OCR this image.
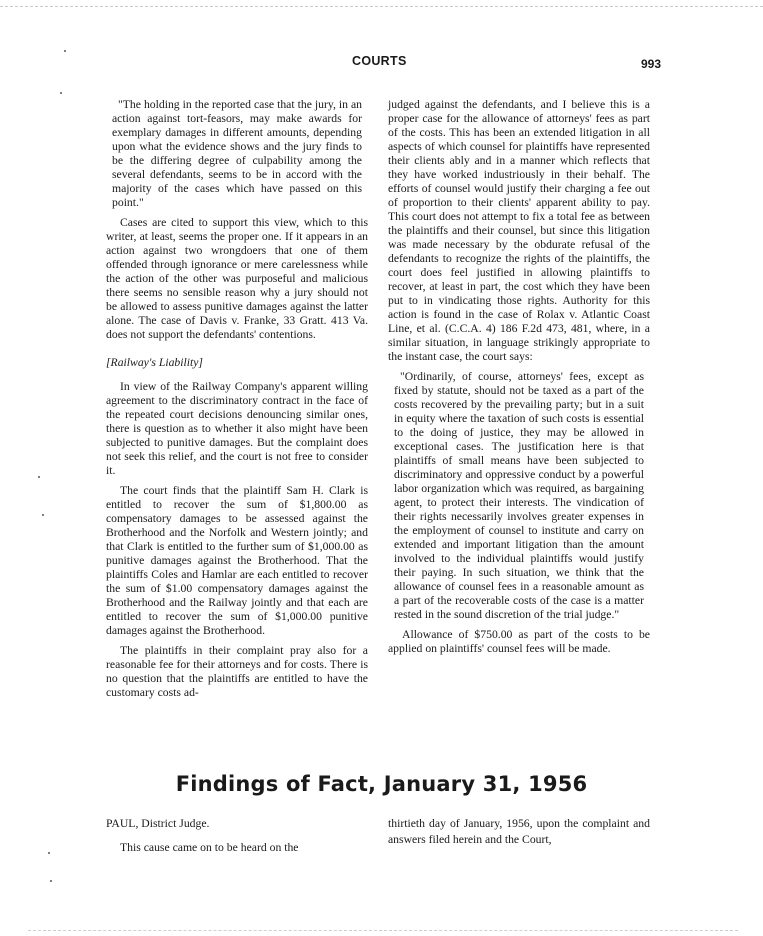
COURTS	993

"The holding in the reported case that the jury, in an action against tort-feasors, may make awards for exemplary damages in different amounts, depending upon what the evidence shows and the jury finds to be the differing degree of culpability among the several defendants, seems to be in accord with the majority of the cases which have passed on this point."

Cases are cited to support this view, which to this writer, at least, seems the proper one. If it appears in an action against two wrongdoers that one of them offended through ignorance or mere carelessness while the action of the other was purposeful and malicious there seems no sensible reason why a jury should not be allowed to assess punitive damages against the latter alone. The case of Davis v. Franke, 33 Gratt. 413 Va. does not support the defendants' contentions.

[Railway's Liability]

In view of the Railway Company's apparent willing agreement to the discriminatory contract in the face of the repeated court decisions denouncing similar ones, there is question as to whether it also might have been subjected to punitive damages. But the complaint does not seek this relief, and the court is not free to consider it.

The court finds that the plaintiff Sam H. Clark is entitled to recover the sum of $1,800.00 as compensatory damages to be assessed against the Brotherhood and the Norfolk and Western jointly; and that Clark is entitled to the further sum of $1,000.00 as punitive damages against the Brotherhood. That the plaintiffs Coles and Hamlar are each entitled to recover the sum of $1.00 compensatory damages against the Brotherhood and the Railway jointly and that each are entitled to recover the sum of $1,000.00 punitive damages against the Brotherhood.

The plaintiffs in their complaint pray also for a reasonable fee for their attorneys and for costs. There is no question that the plaintiffs are entitled to have the customary costs ad-

judged against the defendants, and I believe this is a proper case for the allowance of attorneys' fees as part of the costs. This has been an extended litigation in all aspects of which counsel for plaintiffs have represented their clients ably and in a manner which reflects that they have worked industriously in their behalf. The efforts of counsel would justify their charging a fee out of proportion to their clients' apparent ability to pay. This court does not attempt to fix a total fee as between the plaintiffs and their counsel, but since this litigation was made necessary by the obdurate refusal of the defendants to recognize the rights of the plaintiffs, the court does feel justified in allowing plaintiffs to recover, at least in part, the cost which they have been put to in vindicating those rights. Authority for this action is found in the case of Rolax v. Atlantic Coast Line, et al. (C.C.A. 4) 186 F.2d 473, 481, where, in a similar situation, in language strikingly appropriate to the instant case, the court says:

"Ordinarily, of course, attorneys' fees, except as fixed by statute, should not be taxed as a part of the costs recovered by the prevailing party; but in a suit in equity where the taxation of such costs is essential to the doing of justice, they may be allowed in exceptional cases. The justification here is that plaintiffs of small means have been subjected to discriminatory and oppressive conduct by a powerful labor organization which was required, as bargaining agent, to protect their interests. The vindication of their rights necessarily involves greater expenses in the employment of counsel to institute and carry on extended and important litigation than the amount involved to the individual plaintiffs would justify their paying. In such situation, we think that the allowance of counsel fees in a reasonable amount as a part of the recoverable costs of the case is a matter rested in the sound discretion of the trial judge."

Allowance of $750.00 as part of the costs to be applied on plaintiffs' counsel fees will be made.

Findings of Fact, January 31, 1956

PAUL, District Judge.

This cause came on to be heard on the

thirtieth day of January, 1956, upon the complaint and answers filed herein and the Court,
